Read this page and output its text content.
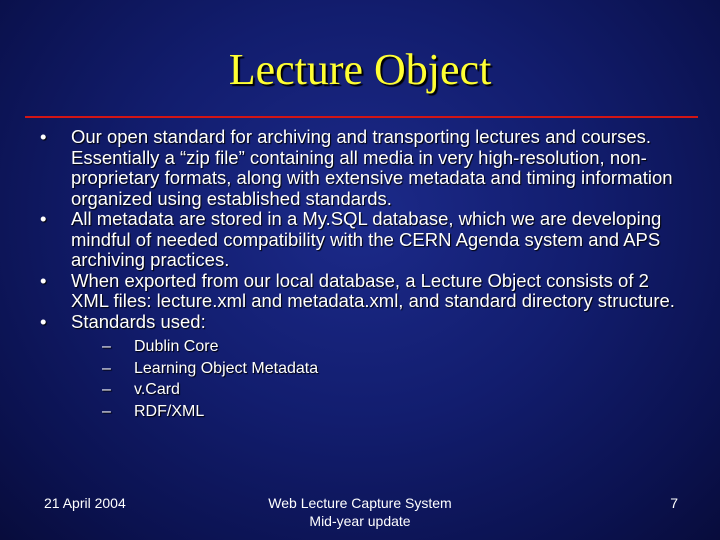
Lecture Object
•	Our open standard for archiving and transporting lectures and courses. Essentially a “zip file” containing all media in very high-resolution, non-proprietary formats, along with extensive metadata and timing information organized using established standards.
•	All metadata are stored in a My.SQL database, which we are developing mindful of needed compatibility with the CERN Agenda system and APS archiving practices.
•	When exported from our local database, a Lecture Object consists of 2 XML files: lecture.xml and metadata.xml, and standard directory structure.
•	Standards used:
– Dublin Core
– Learning Object Metadata
– v.Card
– RDF/XML
21 April 2004	Web Lecture Capture System
Mid-year update
7
